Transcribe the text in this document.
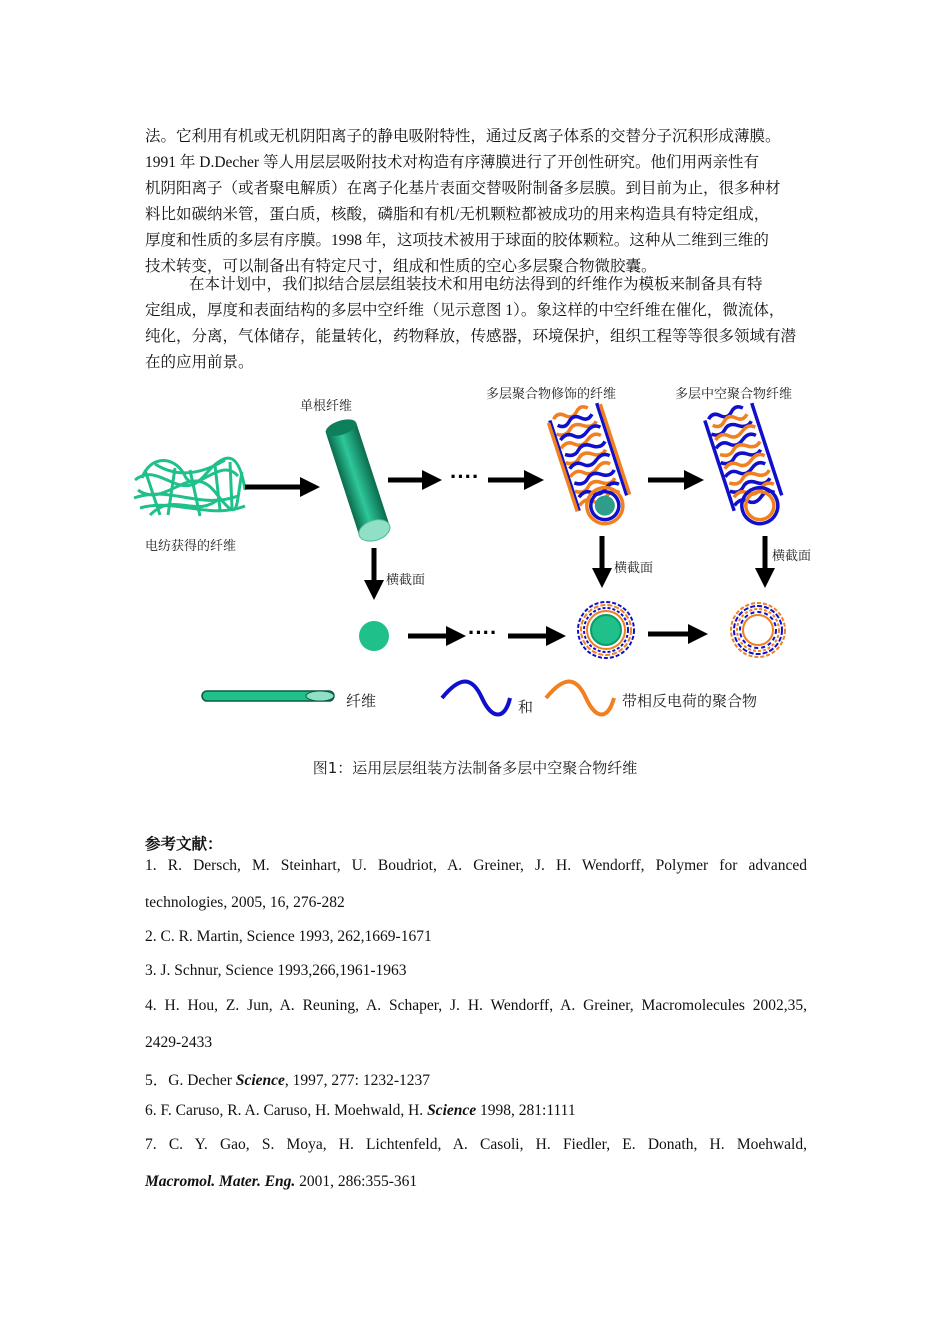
法。它利用有机或无机阴阳离子的静电吸附特性，通过反离子体系的交替分子沉积形成薄膜。
1991 年 D.Decher 等人用层层吸附技术对构造有序薄膜进行了开创性研究。他们用两亲性有
机阴阳离子（或者聚电解质）在离子化基片表面交替吸附制备多层膜。到目前为止，很多种材
料比如碳纳米管，蛋白质，核酸，磷脂和有机/无机颗粒都被成功的用来构造具有特定组成，
厚度和性质的多层有序膜。1998 年，这项技术被用于球面的胶体颗粒。这种从二维到三维的
技术转变，可以制备出有特定尺寸，组成和性质的空心多层聚合物微胶囊。
在本计划中，我们拟结合层层组装技术和用电纺法得到的纤维作为模板来制备具有特
定组成，厚度和表面结构的多层中空纤维（见示意图 1）。象这样的中空纤维在催化，微流体，
纯化，分离，气体储存，能量转化，药物释放，传感器，环境保护，组织工程等等很多领域有潜
在的应用前景。
电纺获得的纤维
单根纤维
····
多层聚合物修饰的纤维	多层中空聚合物纤维
横截面
横截面
横截面
····
纤维	和	带相反电荷的聚合物
图1：运用层层组装方法制备多层中空聚合物纤维
参考文献：

1. R. Dersch, M. Steinhart, U. Boudriot, A. Greiner, J. H. Wendorff, Polymer for advanced

technologies, 2005, 16, 276-282

2. C. R. Martin, Science 1993, 262,1669-1671

3. J. Schnur, Science 1993,266,1961-1963

4. H. Hou, Z. Jun, A. Reuning, A. Schaper, J. H. Wendorff, A. Greiner, Macromolecules 2002,35,

2429-2433

5．G. Decher Science, 1997, 277: 1232-1237

6. F. Caruso, R. A. Caruso, H. Moehwald, H. Science 1998, 281:1111

7. C. Y. Gao, S. Moya, H. Lichtenfeld, A. Casoli, H. Fiedler, E. Donath, H. Moehwald,

Macromol. Mater. Eng. 2001, 286:355-361
